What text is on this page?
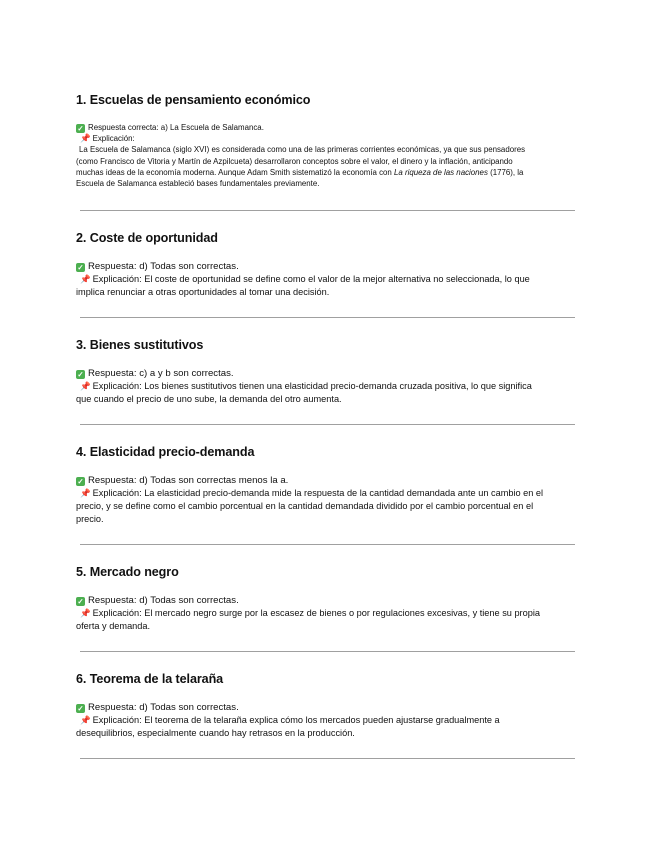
1. Escuelas de pensamiento económico
✓ Respuesta correcta: a) La Escuela de Salamanca.
📌 Explicación:

La Escuela de Salamanca (siglo XVI) es considerada como una de las primeras corrientes económicas, ya que sus pensadores

(como Francisco de Vitoria y Martín de Azpilcueta) desarrollaron conceptos sobre el valor, el dinero y la inflación, anticipando

muchas ideas de la economía moderna. Aunque Adam Smith sistematizó la economía con La riqueza de las naciones (1776), la

Escuela de Salamanca estableció bases fundamentales previamente.

2. Coste de oportunidad
✓ Respuesta: d) Todas son correctas.

📌 Explicación: El coste de oportunidad se define como el valor de la mejor alternativa no seleccionada, lo que

implica renunciar a otras oportunidades al tomar una decisión.

3. Bienes sustitutivos
✓ Respuesta: c) a y b son correctas.

📌 Explicación: Los bienes sustitutivos tienen una elasticidad precio-demanda cruzada positiva, lo que significa

que cuando el precio de uno sube, la demanda del otro aumenta.

4. Elasticidad precio-demanda
✓ Respuesta: d) Todas son correctas menos la a.

📌 Explicación: La elasticidad precio-demanda mide la respuesta de la cantidad demandada ante un cambio en el

precio, y se define como el cambio porcentual en la cantidad demandada dividido por el cambio porcentual en el

precio.

5. Mercado negro
✓ Respuesta: d) Todas son correctas.

📌 Explicación: El mercado negro surge por la escasez de bienes o por regulaciones excesivas, y tiene su propia

oferta y demanda.

6. Teorema de la telaraña
✓ Respuesta: d) Todas son correctas.

📌 Explicación: El teorema de la telaraña explica cómo los mercados pueden ajustarse gradualmente a

desequilibrios, especialmente cuando hay retrasos en la producción.
